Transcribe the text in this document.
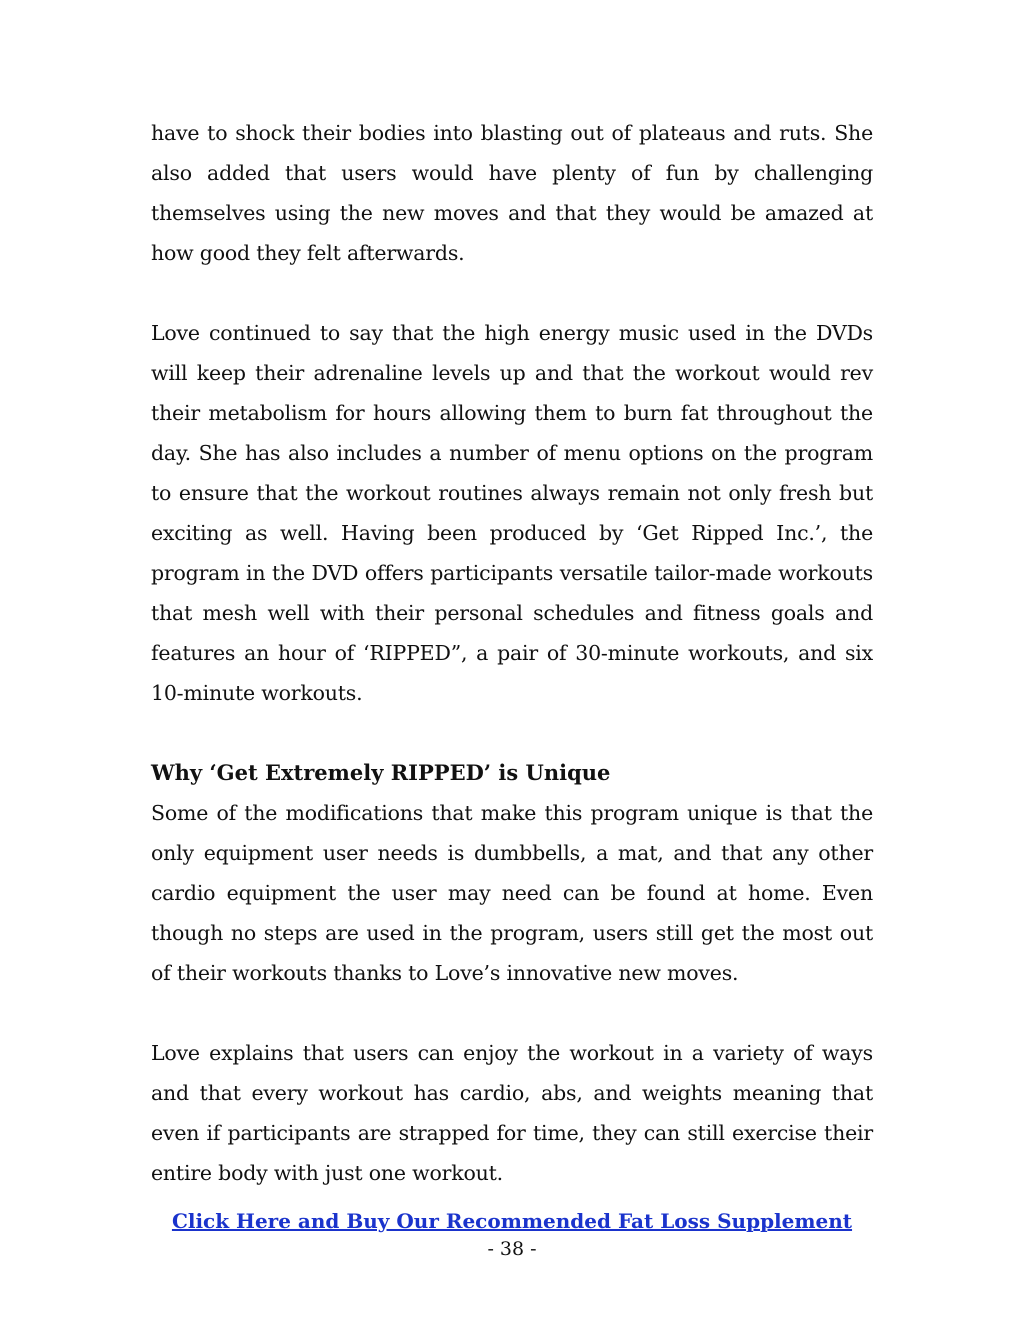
have to shock their bodies into blasting out of plateaus and ruts. She also added that users would have plenty of fun by challenging themselves using the new moves and that they would be amazed at how good they felt afterwards.

Love continued to say that the high energy music used in the DVDs will keep their adrenaline levels up and that the workout would rev their metabolism for hours allowing them to burn fat throughout the day. She has also includes a number of menu options on the program to ensure that the workout routines always remain not only fresh but exciting as well. Having been produced by ‘Get Ripped Inc.’, the program in the DVD offers participants versatile tailor-made workouts that mesh well with their personal schedules and fitness goals and features an hour of ‘RIPPED”, a pair of 30-minute workouts, and six 10-minute workouts.

Why ‘Get Extremely RIPPED’ is Unique

Some of the modifications that make this program unique is that the only equipment user needs is dumbbells, a mat, and that any other cardio equipment the user may need can be found at home. Even though no steps are used in the program, users still get the most out of their workouts thanks to Love’s innovative new moves.

Love explains that users can enjoy the workout in a variety of ways and that every workout has cardio, abs, and weights meaning that even if participants are strapped for time, they can still exercise their entire body with just one workout.

Click Here and Buy Our Recommended Fat Loss Supplement
- 38 -
